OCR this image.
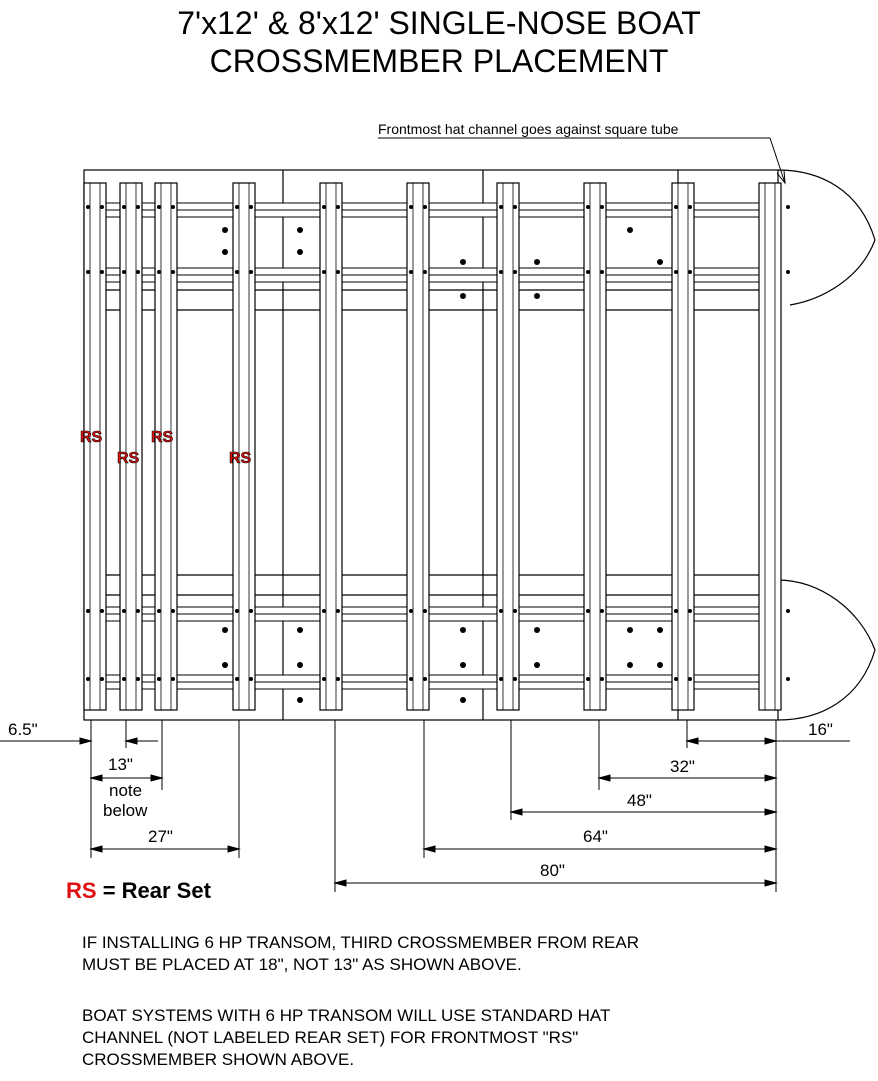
7'x12' & 8'x12' SINGLE-NOSE BOAT
CROSSMEMBER PLACEMENT
Frontmost hat channel goes against square tube
RS
RS
RS
RS
6.5"	16"
13"
note
below
27"
32"
48"
64"
80"
RS = Rear Set
IF INSTALLING 6 HP TRANSOM, THIRD CROSSMEMBER FROM REAR
MUST BE PLACED AT 18", NOT 13" AS SHOWN ABOVE.
BOAT SYSTEMS WITH 6 HP TRANSOM WILL USE STANDARD HAT
CHANNEL (NOT LABELED REAR SET) FOR FRONTMOST "RS"
CROSSMEMBER SHOWN ABOVE.
